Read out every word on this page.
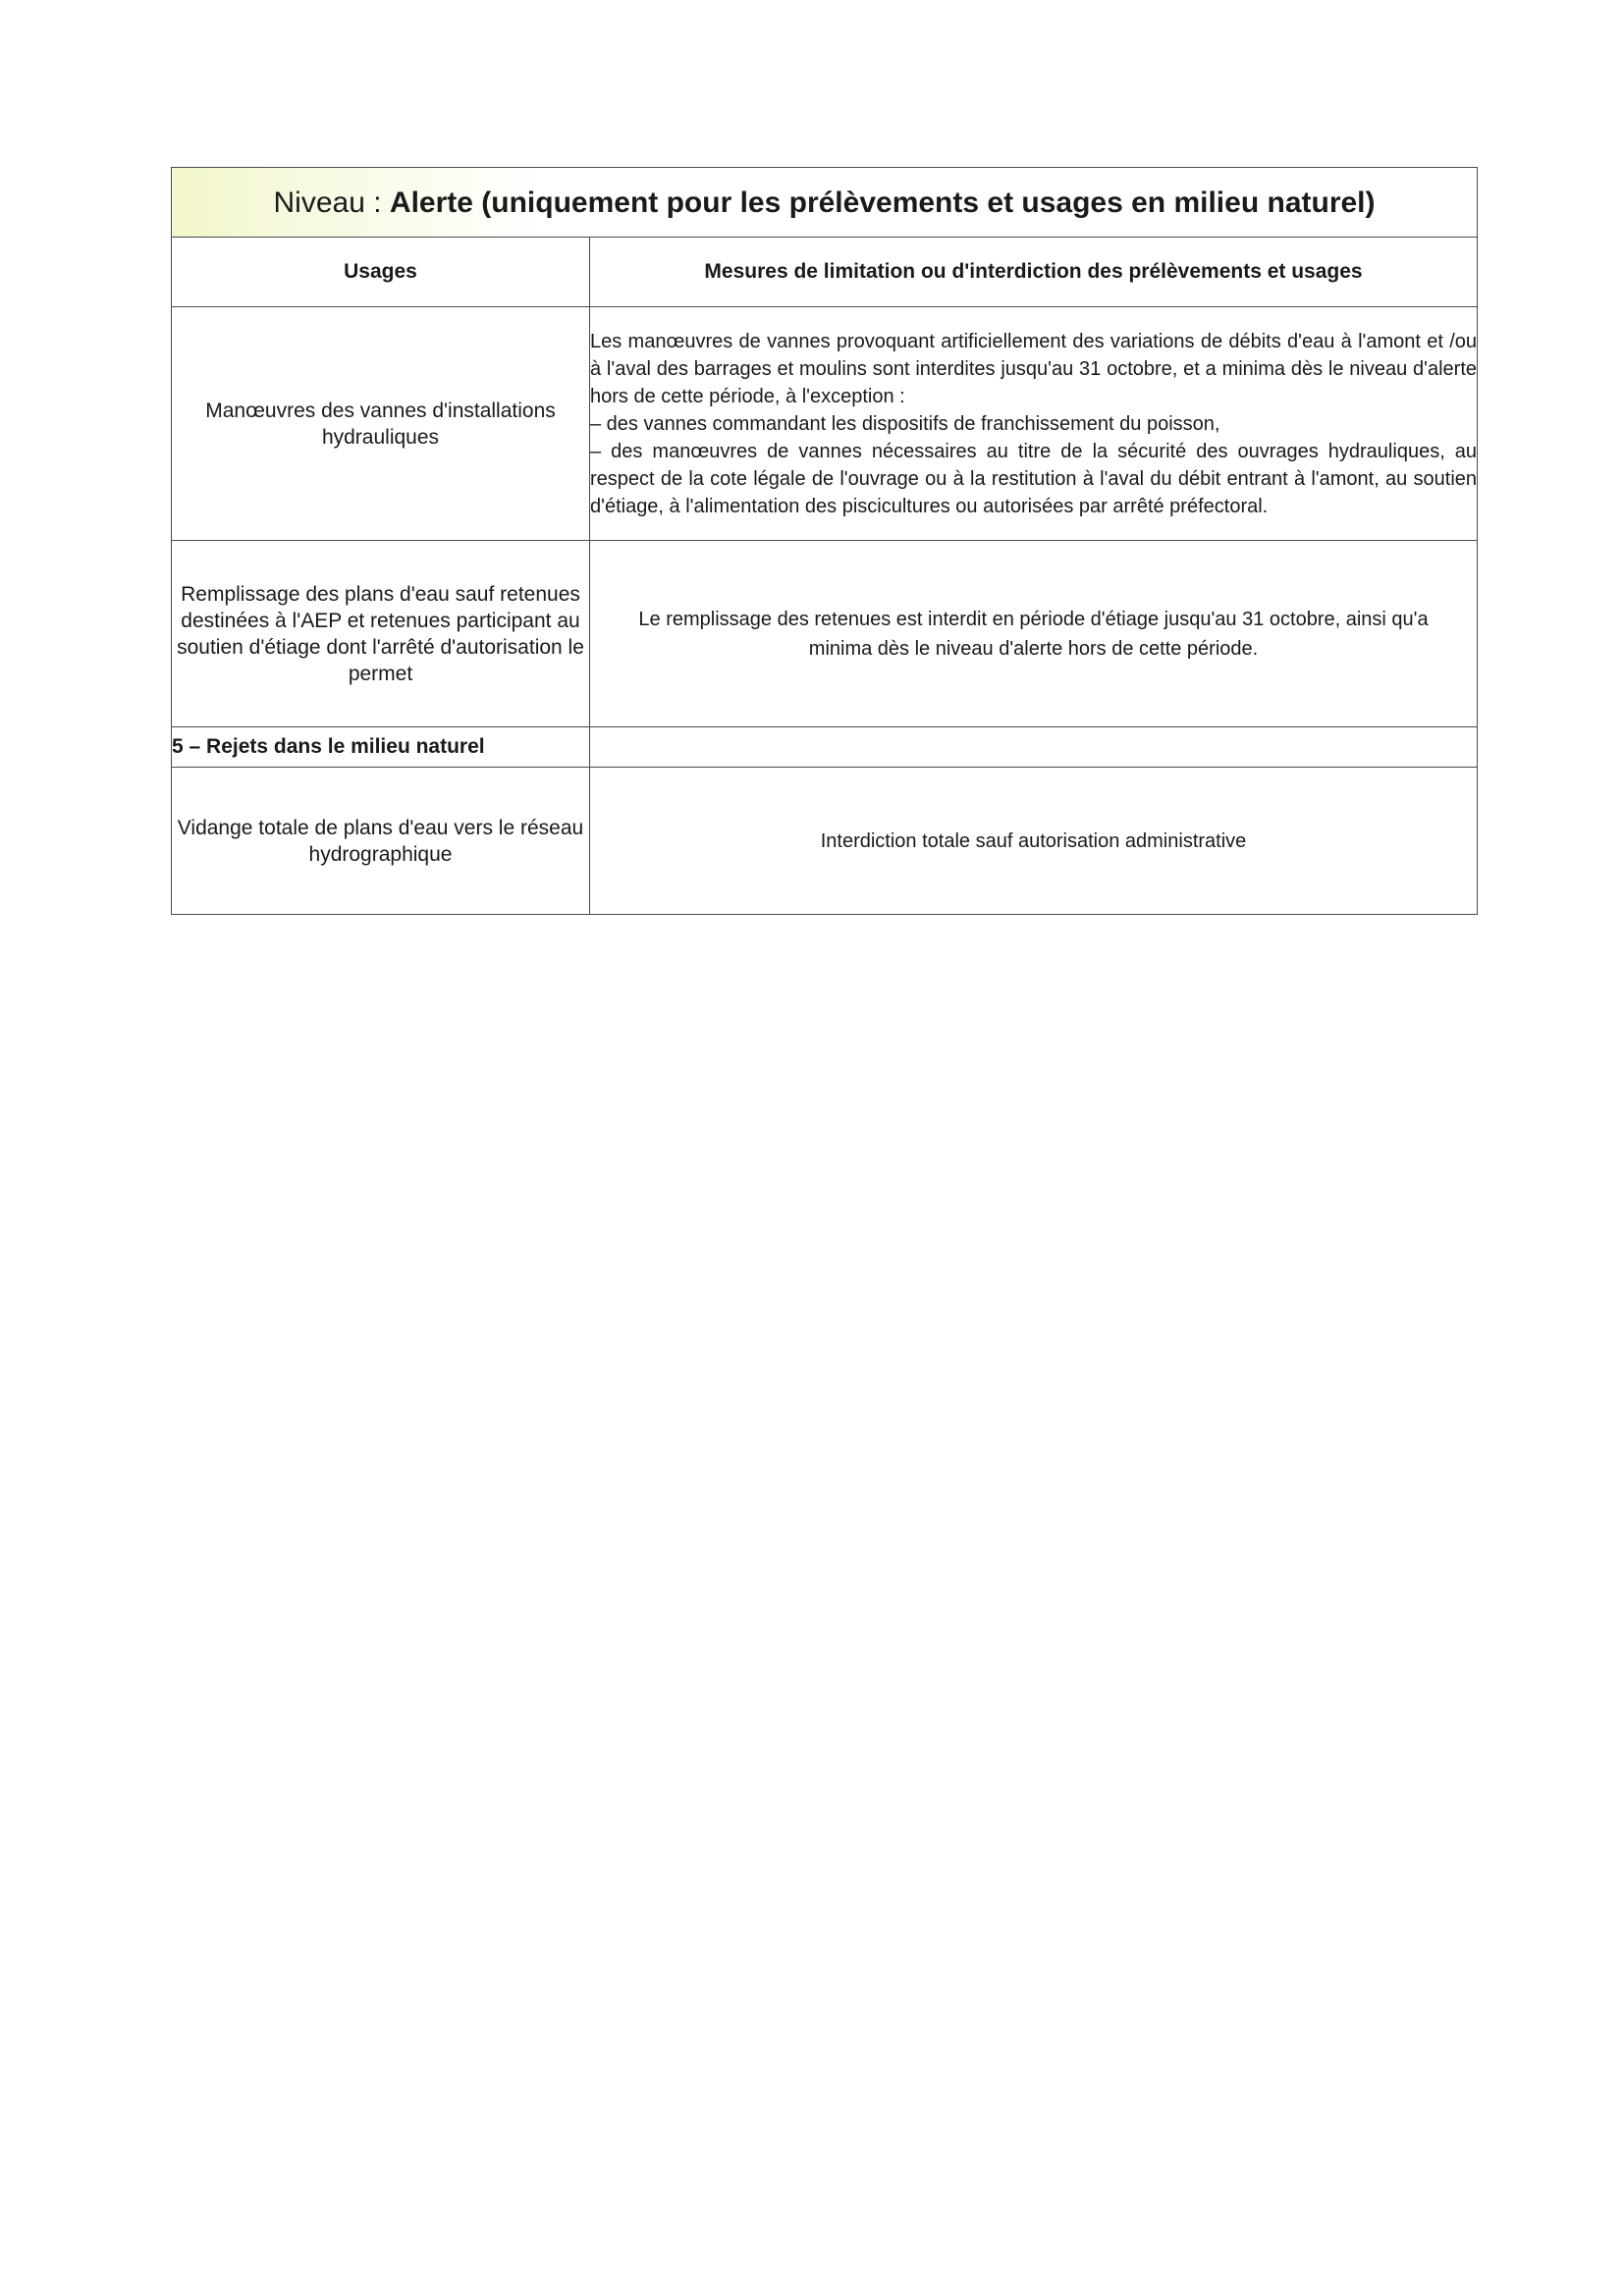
Niveau : Alerte (uniquement pour les prélèvements et usages en milieu naturel)	
Usages	Mesures de limitation ou d'interdiction des prélèvements et usages
Manœuvres des vannes d'installations hydrauliques	Les manœuvres de vannes provoquant artificiellement des variations de débits d'eau à l'amont et /ou à l'aval des barrages et moulins sont interdites jusqu'au 31 octobre, et a minima dès le niveau d'alerte hors de cette période, à l'exception :
– des vannes commandant les dispositifs de franchissement du poisson,
– des manœuvres de vannes nécessaires au titre de la sécurité des ouvrages hydrauliques, au respect de la cote légale de l'ouvrage ou à la restitution à l'aval du débit entrant à l'amont, au soutien d'étiage, à l'alimentation des piscicultures ou autorisées par arrêté préfectoral.

Remplissage des plans d'eau sauf retenues destinées à l'AEP et retenues participant au soutien d'étiage dont l'arrêté d'autorisation le permet	Le remplissage des retenues est interdit en période d'étiage jusqu'au 31 octobre, ainsi qu'a minima dès le niveau d'alerte hors de cette période.

5 – Rejets dans le milieu naturel	
Vidange totale de plans d'eau vers le réseau hydrographique	Interdiction totale sauf autorisation administrative
